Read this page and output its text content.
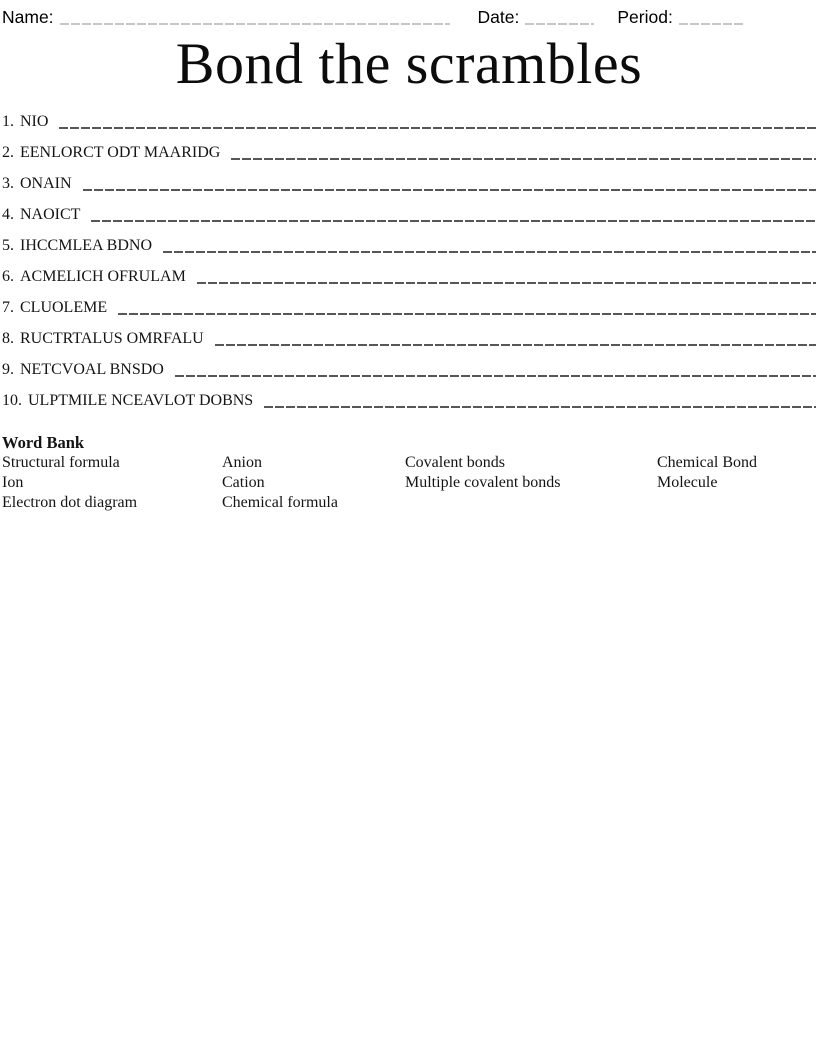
Name:	Date:	Period:
Bond the scrambles
1. NIO
2. EENLORCT ODT MAARIDG
3. ONAIN
4. NAOICT
5. IHCCMLEA BDNO
6. ACMELICH OFRULAM
7. CLUOLEME
8. RUCTRTALUS OMRFALU
9. NETCVOAL BNSDO
10. ULPTMILE NCEAVLOT DOBNS
Word Bank
Structural formula	Anion	Covalent bonds	Chemical Bond
Ion	Cation	Multiple covalent bonds	Molecule
Electron dot diagram	Chemical formula
